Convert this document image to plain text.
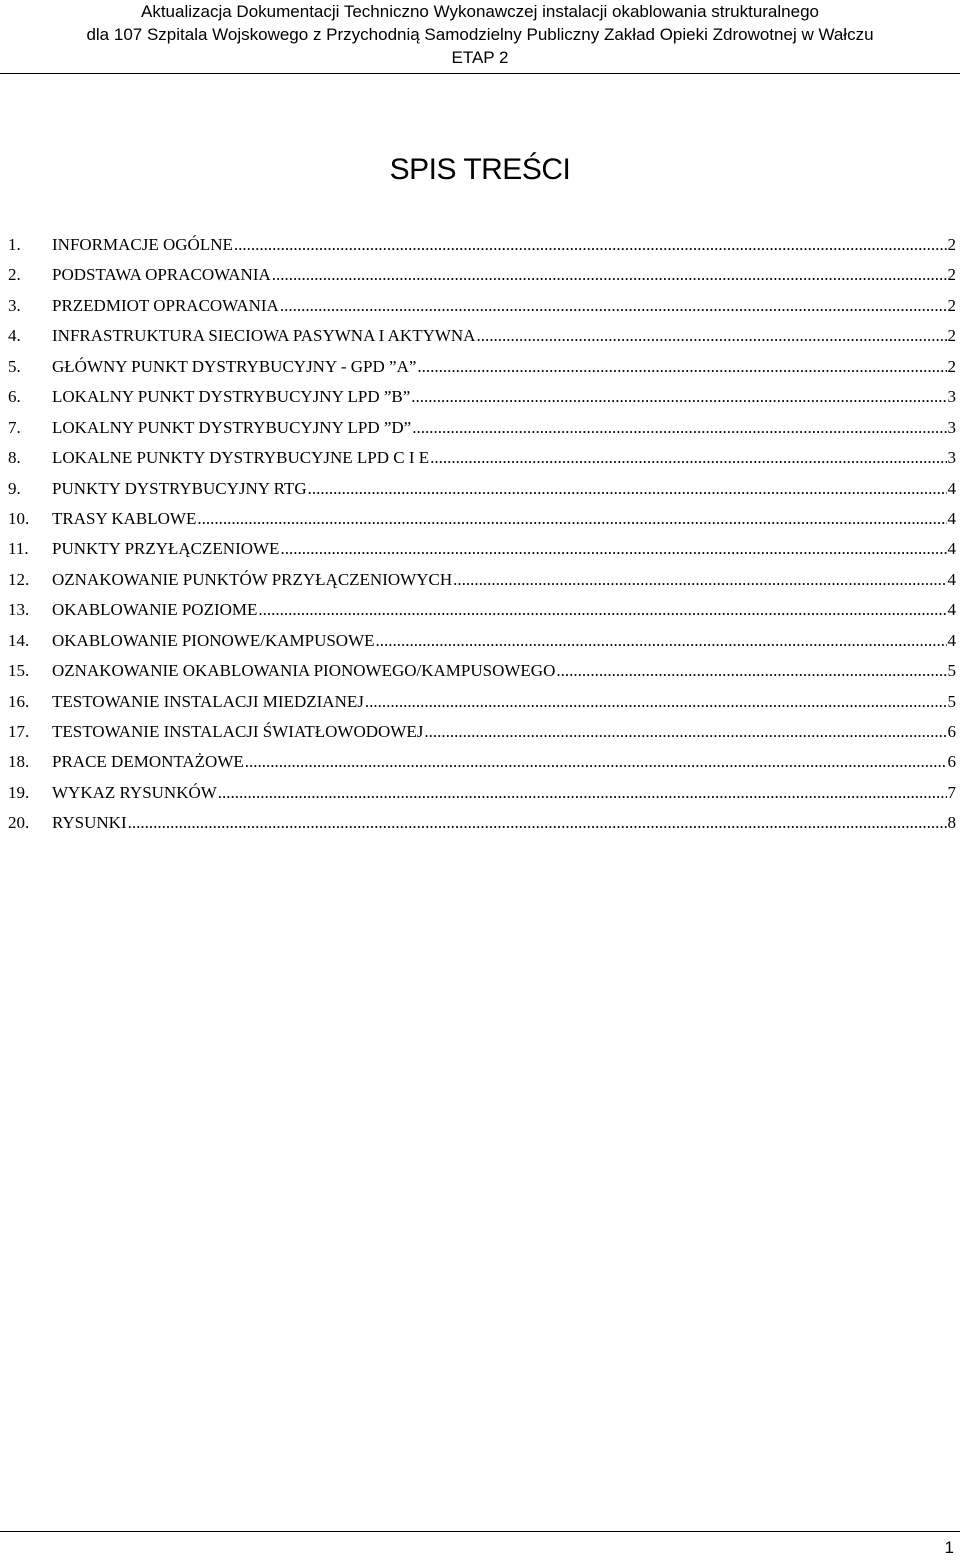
Aktualizacja Dokumentacji Techniczno Wykonawczej instalacji okablowania strukturalnego
dla 107 Szpitala Wojskowego z Przychodnią Samodzielny Publiczny Zakład Opieki Zdrowotnej w Wałczu
ETAP 2
SPIS TREŚCI
1.	INFORMACJE OGÓLNE .....	2
2.	PODSTAWA OPRACOWANIA .....	2
3.	PRZEDMIOT OPRACOWANIA .....	2
4.	INFRASTRUKTURA SIECIOWA PASYWNA I AKTYWNA .....	2
5.	GŁÓWNY PUNKT DYSTRYBUCYJNY - GPD ”A” .....	2
6.	LOKALNY PUNKT DYSTRYBUCYJNY LPD ”B” .....	3
7.	LOKALNY PUNKT DYSTRYBUCYJNY LPD ”D” .....	3
8.	LOKALNE PUNKTY DYSTRYBUCYJNE LPD C I E .....	3
9.	PUNKTY DYSTRYBUCYJNY RTG .....	4
10.	TRASY KABLOWE .....	4
11.	PUNKTY PRZYŁĄCZENIOWE .....	4
12.	OZNAKOWANIE PUNKTÓW PRZYŁĄCZENIOWYCH .....	4
13.	OKABLOWANIE POZIOME .....	4
14.	OKABLOWANIE PIONOWE/KAMPUSOWE .....	4
15.	OZNAKOWANIE OKABLOWANIA PIONOWEGO/KAMPUSOWEGO .....	5
16.	TESTOWANIE INSTALACJI MIEDZIANEJ .....	5
17.	TESTOWANIE INSTALACJI ŚWIATŁOWODOWEJ .....	6
18.	PRACE DEMONTAŻOWE .....	6
19.	WYKAZ RYSUNKÓW .....	7
20.	RYSUNKI .....	8
1
